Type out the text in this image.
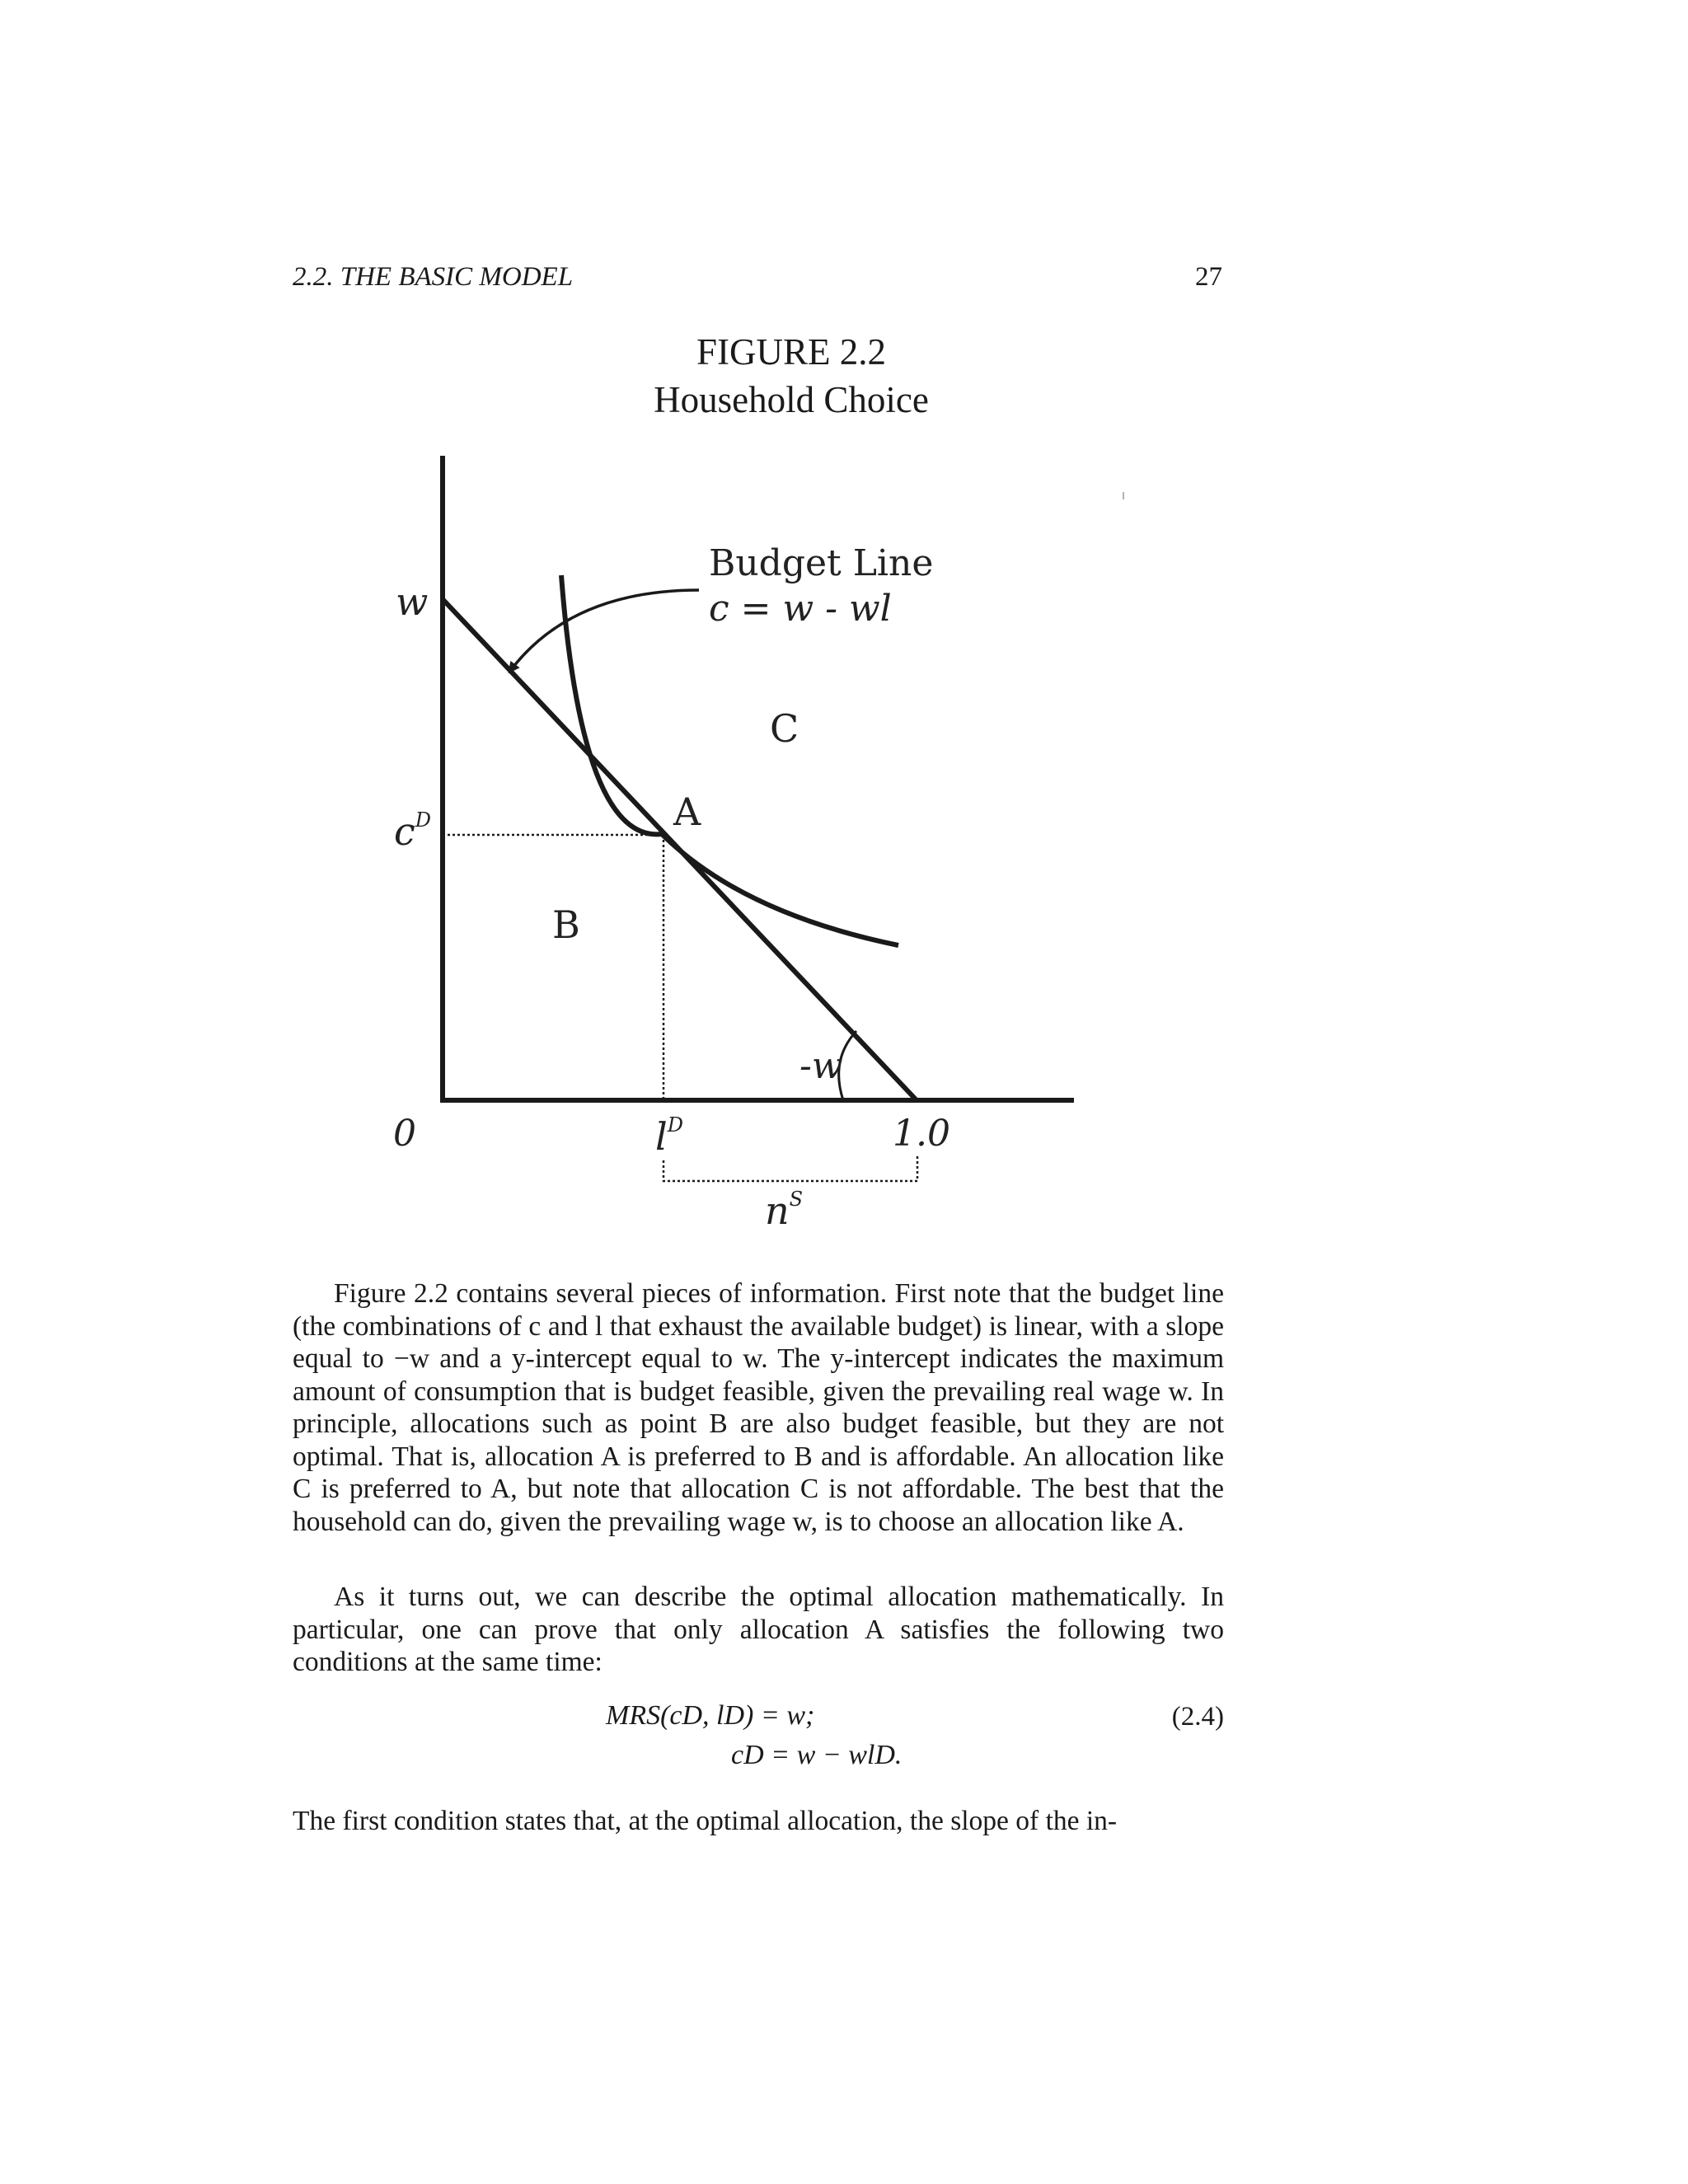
2.2. THE BASIC MODEL	27
FIGURE 2.2
Household Choice
w
$c^D$
0	$l^D$	1.0
$n^S$
A
B
C
-w
Budget Line
c = w - wl
Figure 2.2 contains several pieces of information. First note that the budget line (the combinations of c and l that exhaust the available budget) is linear, with a slope equal to −w and a y-intercept equal to w. The y-intercept indicates the maximum amount of consumption that is budget feasible, given the prevailing real wage w. In principle, allocations such as point B are also budget feasible, but they are not optimal. That is, allocation A is preferred to B and is affordable. An allocation like C is preferred to A, but note that allocation C is not affordable. The best that the household can do, given the prevailing wage w, is to choose an allocation like A.
As it turns out, we can describe the optimal allocation mathematically. In particular, one can prove that only allocation A satisfies the following two conditions at the same time:
MRS(cD, lD) = w;
cD = w − wlD.
(2.4)
The first condition states that, at the optimal allocation, the slope of the in-
